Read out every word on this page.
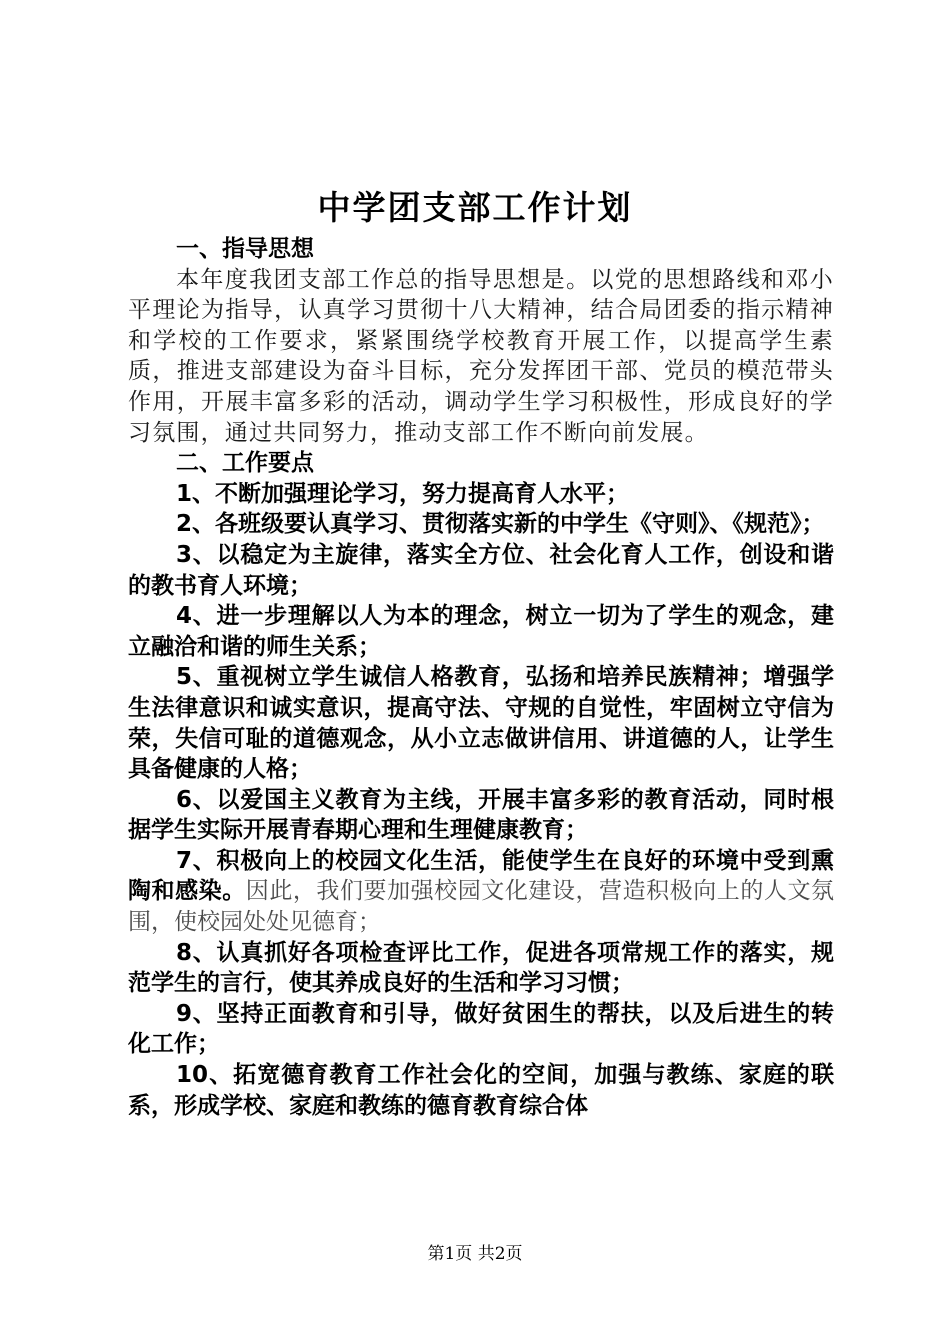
中学团支部工作计划

一、指导思想

本年度我团支部工作总的指导思想是。以党的思想路线和邓小平理论为指导，认真学习贯彻十八大精神，结合局团委的指示精神和学校的工作要求，紧紧围绕学校教育开展工作，以提高学生素质，推进支部建设为奋斗目标，充分发挥团干部、党员的模范带头作用，开展丰富多彩的活动，调动学生学习积极性，形成良好的学习氛围，通过共同努力，推动支部工作不断向前发展。

二、工作要点

1、不断加强理论学习，努力提高育人水平；

2、各班级要认真学习、贯彻落实新的中学生《守则》、《规范》；

3、以稳定为主旋律，落实全方位、社会化育人工作，创设和谐的教书育人环境；

4、进一步理解以人为本的理念，树立一切为了学生的观念，建立融洽和谐的师生关系；

5、重视树立学生诚信人格教育，弘扬和培养民族精神；增强学生法律意识和诚实意识，提高守法、守规的自觉性，牢固树立守信为荣，失信可耻的道德观念，从小立志做讲信用、讲道德的人，让学生具备健康的人格；

6、以爱国主义教育为主线，开展丰富多彩的教育活动，同时根据学生实际开展青春期心理和生理健康教育；

7、积极向上的校园文化生活，能使学生在良好的环境中受到熏陶和感染。因此，我们要加强校园文化建设，营造积极向上的人文氛围，使校园处处见德育；

8、认真抓好各项检查评比工作，促进各项常规工作的落实，规范学生的言行，使其养成良好的生活和学习习惯；

9、坚持正面教育和引导，做好贫困生的帮扶，以及后进生的转化工作；

10、拓宽德育教育工作社会化的空间，加强与教练、家庭的联系，形成学校、家庭和教练的德育教育综合体

第1页 共2页
